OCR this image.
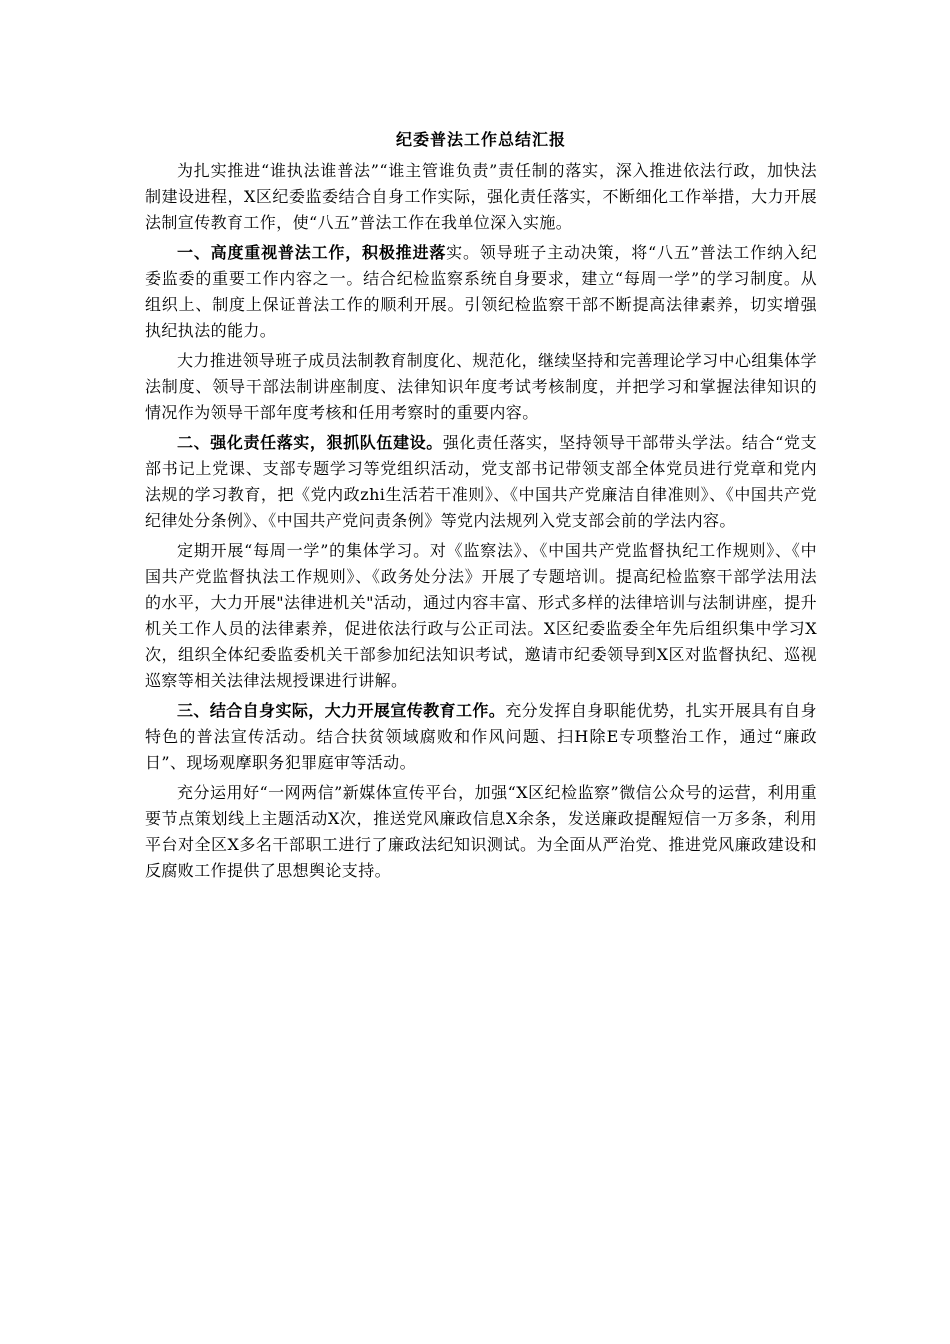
纪委普法工作总结汇报

为扎实推进“谁执法谁普法”“谁主管谁负责”责任制的落实，深入推进依法行政，加快法制建设进程，X区纪委监委结合自身工作实际，强化责任落实，不断细化工作举措，大力开展法制宣传教育工作，使“八五”普法工作在我单位深入实施。

一、高度重视普法工作，积极推进落实。领导班子主动决策，将“八五”普法工作纳入纪委监委的重要工作内容之一。结合纪检监察系统自身要求，建立“每周一学”的学习制度。从组织上、制度上保证普法工作的顺利开展。引领纪检监察干部不断提高法律素养，切实增强执纪执法的能力。

大力推进领导班子成员法制教育制度化、规范化，继续坚持和完善理论学习中心组集体学法制度、领导干部法制讲座制度、法律知识年度考试考核制度，并把学习和掌握法律知识的情况作为领导干部年度考核和任用考察时的重要内容。

二、强化责任落实，狠抓队伍建设。强化责任落实，坚持领导干部带头学法。结合“党支部书记上党课、支部专题学习等党组织活动，党支部书记带领支部全体党员进行党章和党内法规的学习教育，把《党内政zhi生活若干准则》、《中国共产党廉洁自律准则》、《中国共产党纪律处分条例》、《中国共产党问责条例》等党内法规列入党支部会前的学法内容。

定期开展“每周一学”的集体学习。对《监察法》、《中国共产党监督执纪工作规则》、《中国共产党监督执法工作规则》、《政务处分法》开展了专题培训。提高纪检监察干部学法用法的水平，大力开展"法律进机关"活动，通过内容丰富、形式多样的法律培训与法制讲座，提升机关工作人员的法律素养，促进依法行政与公正司法。X区纪委监委全年先后组织集中学习X次，组织全体纪委监委机关干部参加纪法知识考试，邀请市纪委领导到X区对监督执纪、巡视巡察等相关法律法规授课进行讲解。

三、结合自身实际，大力开展宣传教育工作。充分发挥自身职能优势，扎实开展具有自身特色的普法宣传活动。结合扶贫领域腐败和作风问题、扫H除E专项整治工作，通过“廉政日”、现场观摩职务犯罪庭审等活动。

充分运用好“一网两信”新媒体宣传平台，加强“X区纪检监察”微信公众号的运营，利用重要节点策划线上主题活动X次，推送党风廉政信息X余条，发送廉政提醒短信一万多条，利用平台对全区X多名干部职工进行了廉政法纪知识测试。为全面从严治党、推进党风廉政建设和反腐败工作提供了思想舆论支持。
